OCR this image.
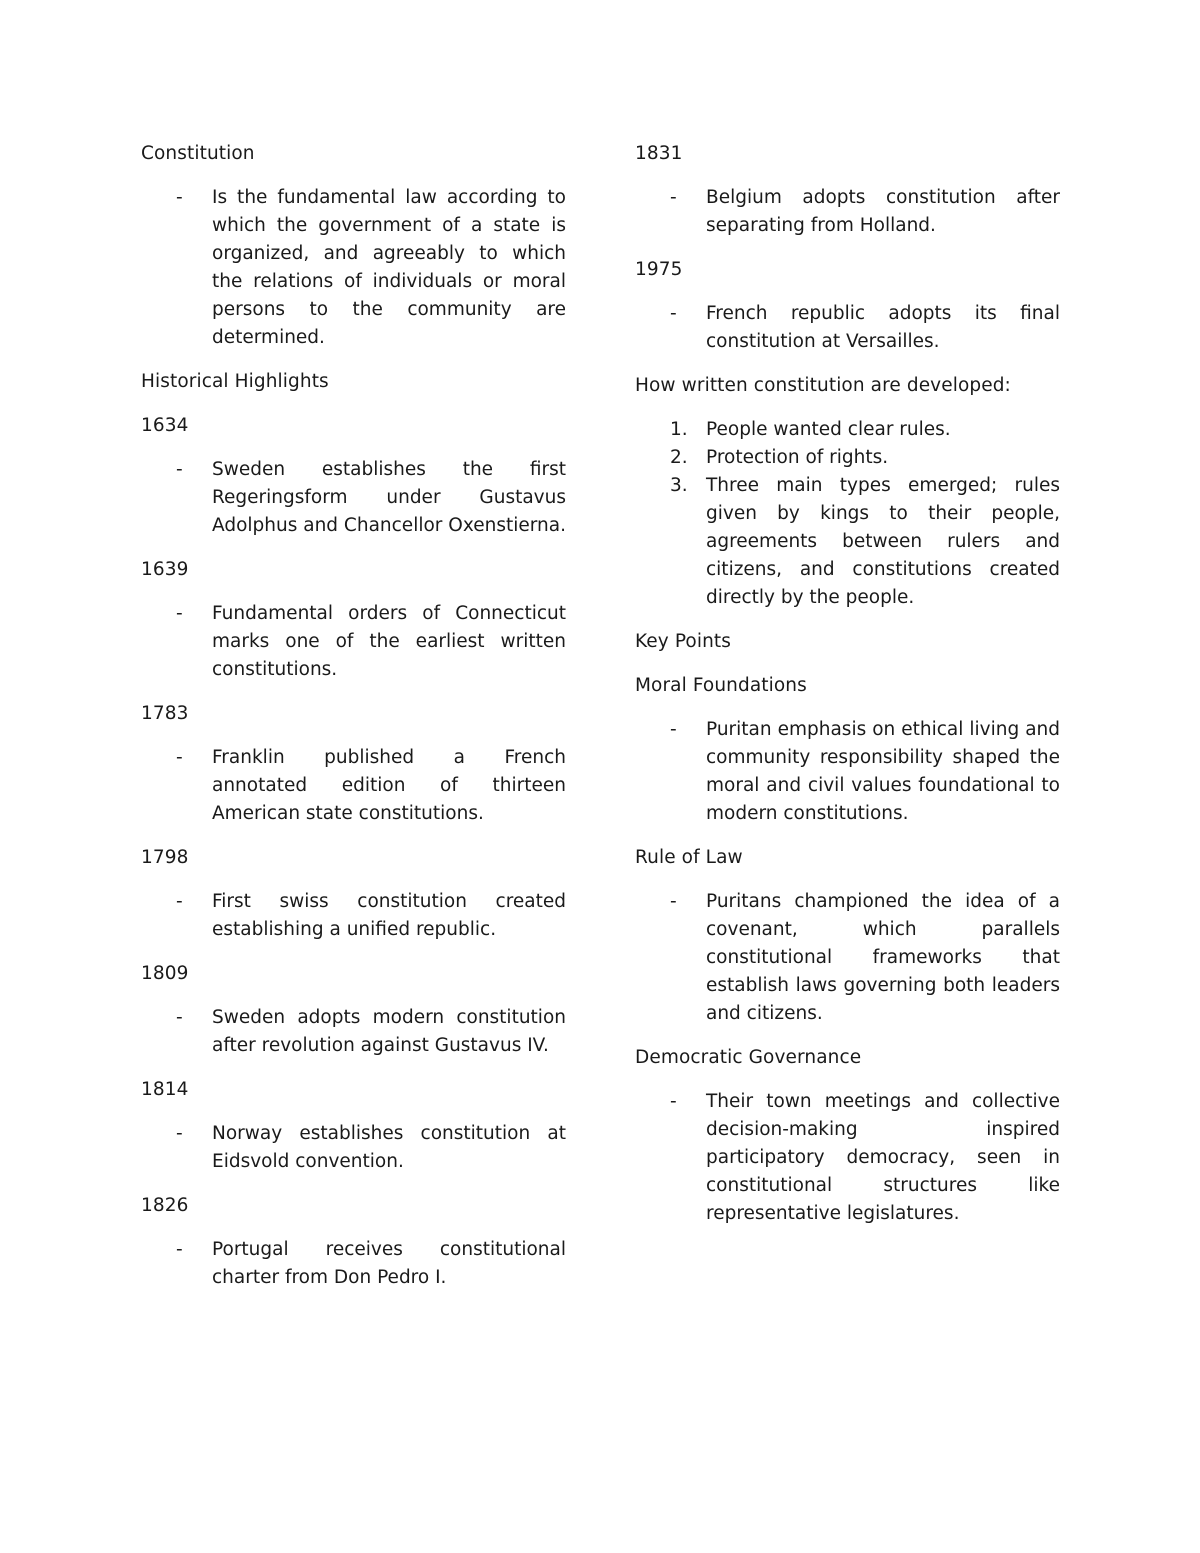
Constitution

-	Is the fundamental law according to which the government of a state is organized, and agreeably to which the relations of individuals or moral persons to the community are determined.

Historical Highlights

1634

-	Sweden establishes the first Regeringsform under Gustavus Adolphus and Chancellor Oxenstierna.

1639

-	Fundamental orders of Connecticut marks one of the earliest written constitutions.

1783

-	Franklin published a French annotated edition of thirteen American state constitutions.

1798

-	First swiss constitution created establishing a unified republic.

1809

-	Sweden adopts modern constitution after revolution against Gustavus IV.

1814

-	Norway establishes constitution at Eidsvold convention.

1826

-	Portugal receives constitutional charter from Don Pedro I.

1831

-	Belgium adopts constitution after separating from Holland.

1975

-	French republic adopts its final constitution at Versailles.

How written constitution are developed:

1. People wanted clear rules.
2. Protection of rights.
3. Three main types emerged; rules given by kings to their people, agreements between rulers and citizens, and constitutions created directly by the people.

Key Points

Moral Foundations

-	Puritan emphasis on ethical living and community responsibility shaped the moral and civil values foundational to modern constitutions.

Rule of Law

-	Puritans championed the idea of a covenant, which parallels constitutional frameworks that establish laws governing both leaders and citizens.

Democratic Governance

-	Their town meetings and collective decision-making inspired participatory democracy, seen in constitutional structures like representative legislatures.
